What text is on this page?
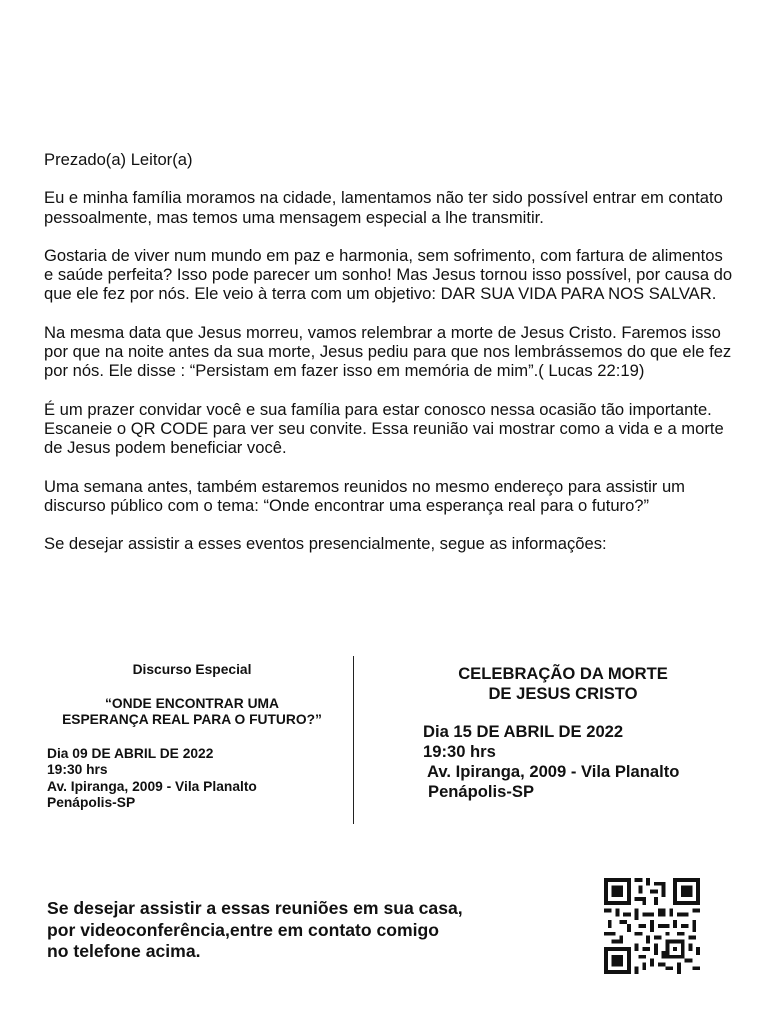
Prezado(a) Leitor(a)

Eu e minha família moramos na cidade, lamentamos não ter sido possível entrar em contato pessoalmente, mas temos uma mensagem especial a lhe transmitir.

Gostaria de viver num mundo em paz e harmonia, sem sofrimento, com fartura de alimentos e saúde perfeita? Isso pode parecer um sonho! Mas Jesus tornou isso possível, por causa do que ele fez por nós. Ele veio à terra com um objetivo: DAR SUA VIDA PARA NOS SALVAR.

Na mesma data que Jesus morreu, vamos relembrar a morte de Jesus Cristo. Faremos isso por que na noite antes da sua morte, Jesus pediu para que nos lembrássemos do que ele fez por nós. Ele disse : “Persistam em fazer isso em memória de mim”.( Lucas 22:19)

É um prazer convidar você e sua família para estar conosco nessa ocasião tão importante. Escaneie o QR CODE para ver seu convite. Essa reunião vai mostrar como a vida e a morte de Jesus podem beneficiar você.

Uma semana antes, também estaremos reunidos no mesmo endereço para assistir um discurso público com o tema: “Onde encontrar uma esperança real para o futuro?”

Se desejar assistir a esses eventos presencialmente, segue as informações:

Discurso Especial
“ONDE ENCONTRAR UMA
ESPERANÇA REAL PARA O FUTURO?”
Dia 09 DE ABRIL DE 2022
19:30 hrs
Av. Ipiranga, 2009 - Vila Planalto
Penápolis-SP
CELEBRAÇÃO DA MORTE
DE JESUS CRISTO
Dia 15 DE ABRIL DE 2022
19:30 hrs
Av. Ipiranga, 2009 - Vila Planalto
Penápolis-SP
Se desejar assistir a essas reuniões em sua casa,
por videoconferência,entre em contato comigo
no telefone acima.
